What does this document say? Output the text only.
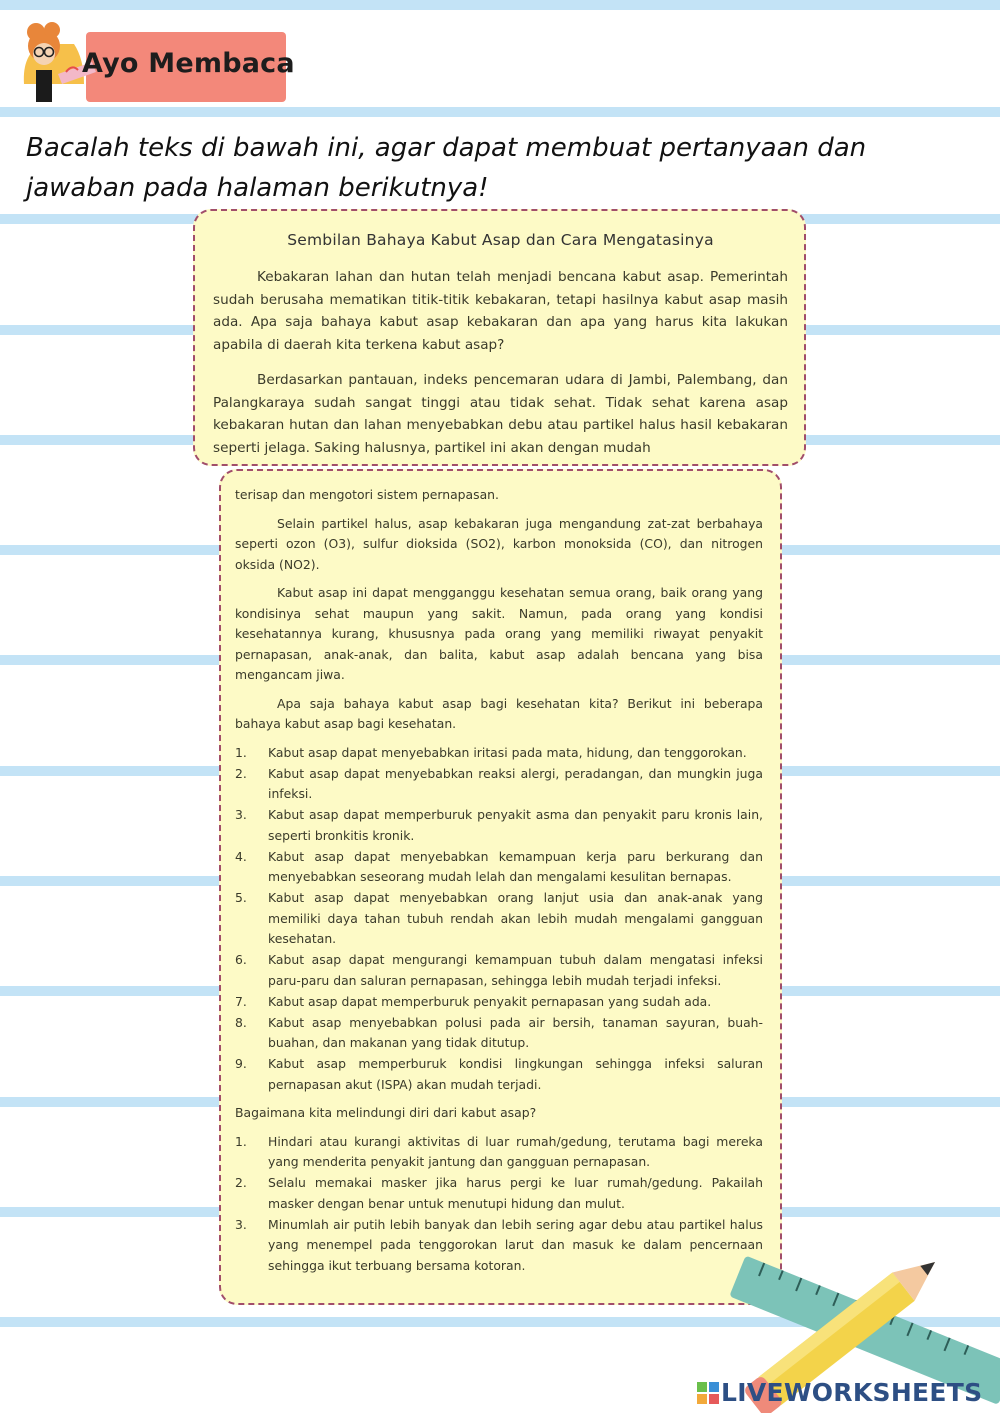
Ayo Membaca
Bacalah teks di bawah ini, agar dapat membuat pertanyaan dan jawaban pada halaman berikutnya!
Sembilan Bahaya Kabut Asap dan Cara Mengatasinya

Kebakaran lahan dan hutan telah menjadi bencana kabut asap. Pemerintah sudah berusaha mematikan titik-titik kebakaran, tetapi hasilnya kabut asap masih ada. Apa saja bahaya kabut asap kebakaran dan apa yang harus kita lakukan apabila di daerah kita terkena kabut asap?

Berdasarkan pantauan, indeks pencemaran udara di Jambi, Palembang, dan Palangkaraya sudah sangat tinggi atau tidak sehat. Tidak sehat karena asap kebakaran hutan dan lahan menyebabkan debu atau partikel halus hasil kebakaran seperti jelaga. Saking halusnya, partikel ini akan dengan mudah

terisap dan mengotori sistem pernapasan.

Selain partikel halus, asap kebakaran juga mengandung zat-zat berbahaya seperti ozon (O3), sulfur dioksida (SO2), karbon monoksida (CO), dan nitrogen oksida (NO2).

Kabut asap ini dapat mengganggu kesehatan semua orang, baik orang yang kondisinya sehat maupun yang sakit. Namun, pada orang yang kondisi kesehatannya kurang, khususnya pada orang yang memiliki riwayat penyakit pernapasan, anak-anak, dan balita, kabut asap adalah bencana yang bisa mengancam jiwa.

Apa saja bahaya kabut asap bagi kesehatan kita? Berikut ini beberapa bahaya kabut asap bagi kesehatan.

1.	Kabut asap dapat menyebabkan iritasi pada mata, hidung, dan tenggorokan.
2.	Kabut asap dapat menyebabkan reaksi alergi, peradangan, dan mungkin juga infeksi.
3.	Kabut asap dapat memperburuk penyakit asma dan penyakit paru kronis lain, seperti bronkitis kronik.
4.	Kabut asap dapat menyebabkan kemampuan kerja paru berkurang dan menyebabkan seseorang mudah lelah dan mengalami kesulitan bernapas.
5.	Kabut asap dapat menyebabkan orang lanjut usia dan anak-anak yang memiliki daya tahan tubuh rendah akan lebih mudah mengalami gangguan kesehatan.
6.	Kabut asap dapat mengurangi kemampuan tubuh dalam mengatasi infeksi paru-paru dan saluran pernapasan, sehingga lebih mudah terjadi infeksi.
7.	Kabut asap dapat memperburuk penyakit pernapasan yang sudah ada.
8.	Kabut asap menyebabkan polusi pada air bersih, tanaman sayuran, buah-buahan, dan makanan yang tidak ditutup.
9.	Kabut asap memperburuk kondisi lingkungan sehingga infeksi saluran pernapasan akut (ISPA) akan mudah terjadi.

Bagaimana kita melindungi diri dari kabut asap?

1.	Hindari atau kurangi aktivitas di luar rumah/gedung, terutama bagi mereka yang menderita penyakit jantung dan gangguan pernapasan.
2.	Selalu memakai masker jika harus pergi ke luar rumah/gedung. Pakailah masker dengan benar untuk menutupi hidung dan mulut.
3.	Minumlah air putih lebih banyak dan lebih sering agar debu atau partikel halus yang menempel pada tenggorokan larut dan masuk ke dalam pencernaan sehingga ikut terbuang bersama kotoran.
LIVEWORKSHEETS
